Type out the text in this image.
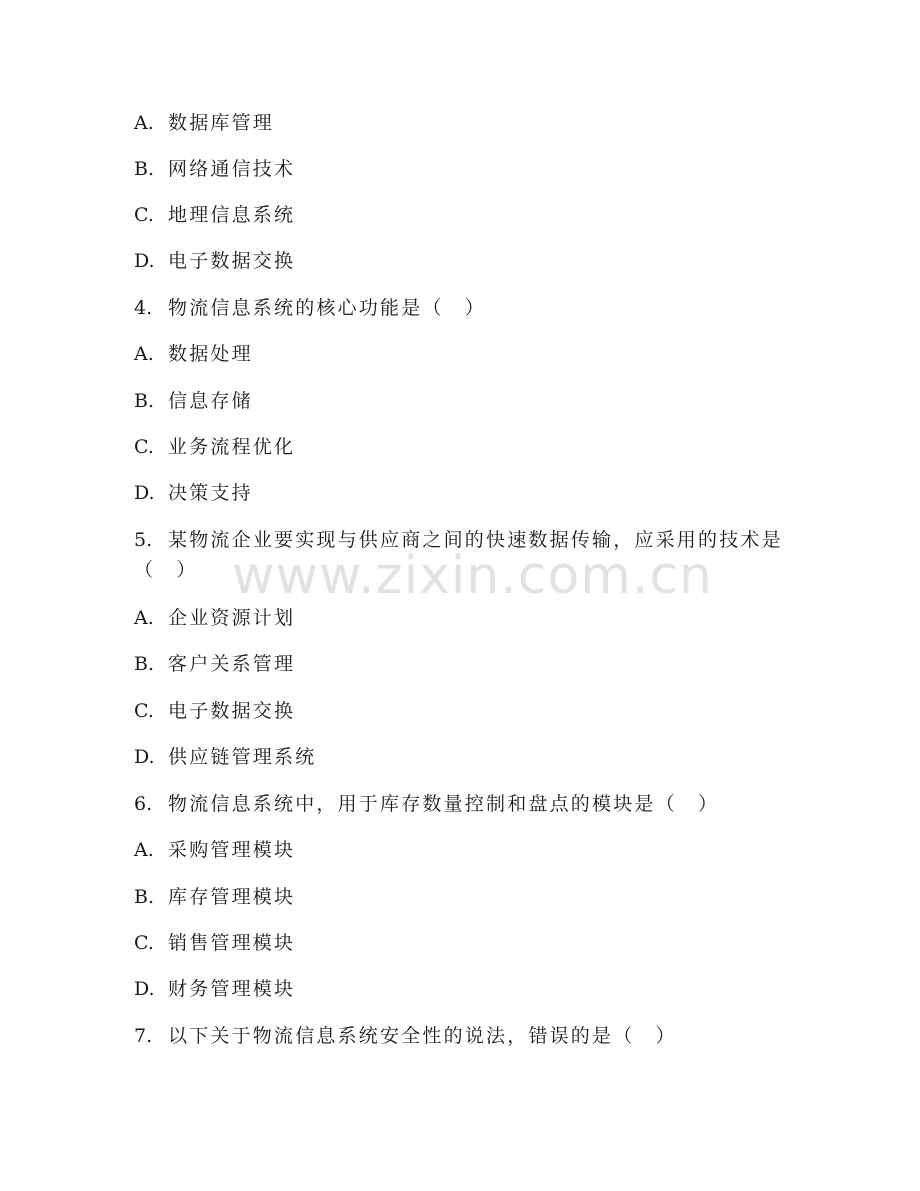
A. 数据库管理
B. 网络通信技术
C. 地理信息系统
D. 电子数据交换
4. 物流信息系统的核心功能是（　）
A. 数据处理
B. 信息存储
C. 业务流程优化
D. 决策支持
5. 某物流企业要实现与供应商之间的快速数据传输，应采用的技术是
（　） www.zixin.com.cn
A. 企业资源计划
B. 客户关系管理
C. 电子数据交换
D. 供应链管理系统
6. 物流信息系统中，用于库存数量控制和盘点的模块是（　）
A. 采购管理模块
B. 库存管理模块
C. 销售管理模块
D. 财务管理模块
7. 以下关于物流信息系统安全性的说法，错误的是（　）
